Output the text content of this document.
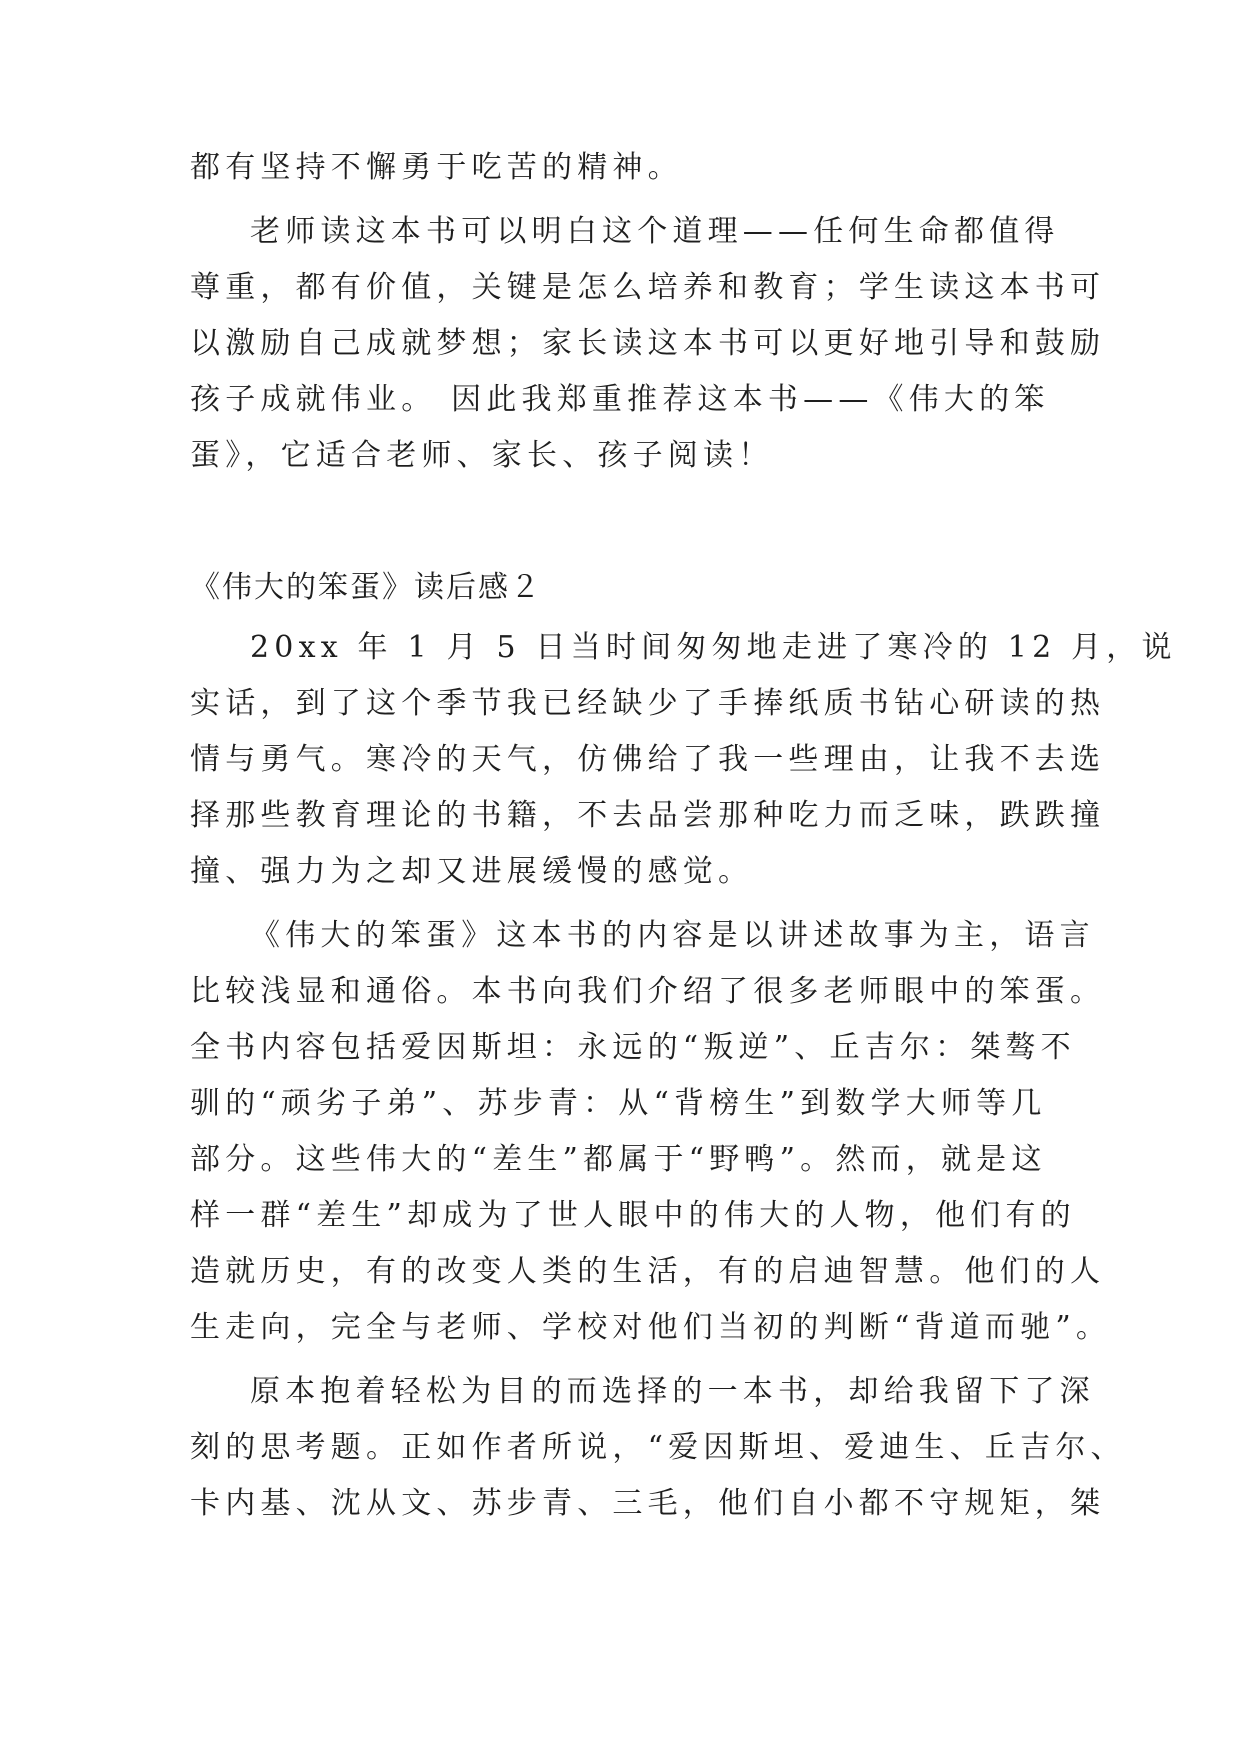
都有坚持不懈勇于吃苦的精神。
老师读这本书可以明白这个道理——任何生命都值得
尊重，都有价值，关键是怎么培养和教育；学生读这本书可
以激励自己成就梦想；家长读这本书可以更好地引导和鼓励
孩子成就伟业。 因此我郑重推荐这本书——《伟大的笨
蛋》，它适合老师、家长、孩子阅读！
《伟大的笨蛋》读后感２
20xx 年 1 月 5 日当时间匆匆地走进了寒冷的 12 月，说
实话，到了这个季节我已经缺少了手捧纸质书钻心研读的热
情与勇气。寒冷的天气，仿佛给了我一些理由，让我不去选
择那些教育理论的书籍，不去品尝那种吃力而乏味，跌跌撞
撞、强力为之却又进展缓慢的感觉。
《伟大的笨蛋》这本书的内容是以讲述故事为主，语言
比较浅显和通俗。本书向我们介绍了很多老师眼中的笨蛋。
全书内容包括爱因斯坦：永远的“叛逆”、丘吉尔：桀骜不
驯的“顽劣子弟”、苏步青：从“背榜生”到数学大师等几
部分。这些伟大的“差生”都属于“野鸭”。然而，就是这
样一群“差生”却成为了世人眼中的伟大的人物，他们有的
造就历史，有的改变人类的生活，有的启迪智慧。他们的人
生走向，完全与老师、学校对他们当初的判断“背道而驰”。
原本抱着轻松为目的而选择的一本书，却给我留下了深
刻的思考题。正如作者所说，“爱因斯坦、爱迪生、丘吉尔、
卡内基、沈从文、苏步青、三毛，他们自小都不守规矩，桀
